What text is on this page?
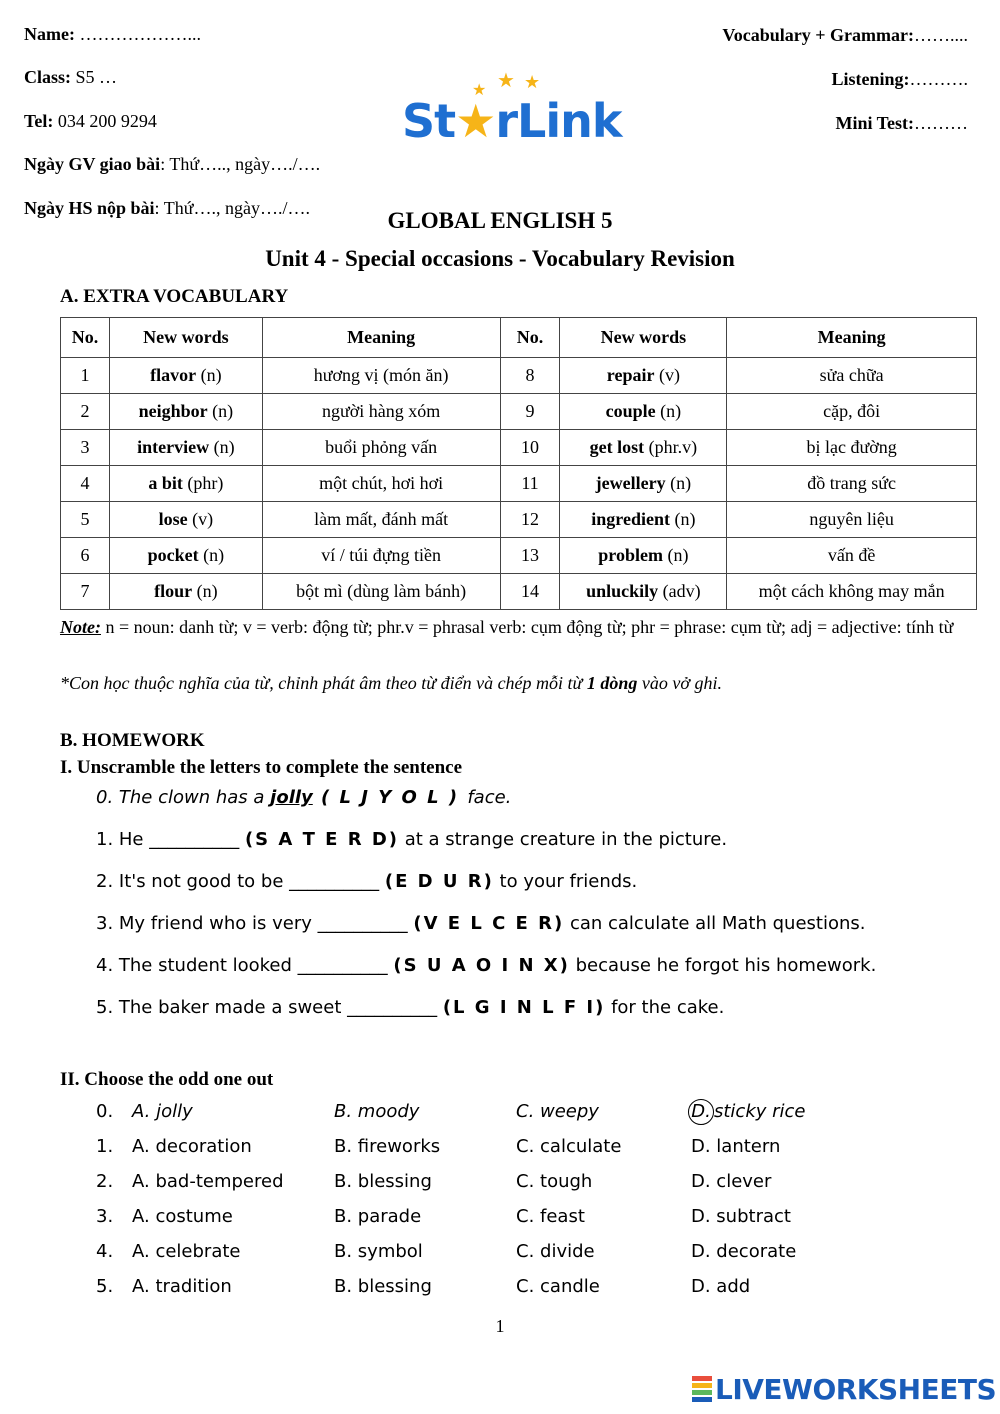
Name: ………………...
Class: S5 …
Tel: 034 200 9294
Ngày GV giao bài: Thứ….., ngày…./….
Ngày HS nộp bài: Thứ…., ngày…./….
Vocabulary + Grammar:……....
Listening:……….
Mini Test:………
★ ★ ★
St★rLink
GLOBAL ENGLISH 5
Unit 4 - Special occasions - Vocabulary Revision
A. EXTRA VOCABULARY
No.	New words	Meaning	No.	New words	Meaning
1	flavor (n)	hương vị (món ăn)	8	repair (v)	sửa chữa
2	neighbor (n)	người hàng xóm	9	couple (n)	cặp, đôi
3	interview (n)	buổi phỏng vấn	10	get lost (phr.v)	bị lạc đường
4	a bit (phr)	một chút, hơi hơi	11	jewellery (n)	đồ trang sức
5	lose (v)	làm mất, đánh mất	12	ingredient (n)	nguyên liệu
6	pocket (n)	ví / túi đựng tiền	13	problem (n)	vấn đề
7	flour (n)	bột mì (dùng làm bánh)	14	unluckily (adv)	một cách không may mắn
Note: n = noun: danh từ; v = verb: động từ; phr.v = phrasal verb: cụm động từ; phr = phrase: cụm từ; adj = adjective: tính từ
*Con học thuộc nghĩa của từ, chỉnh phát âm theo từ điển và chép mỗi từ 1 dòng vào vở ghi.
B. HOMEWORK
I. Unscramble the letters to complete the sentence
0. The clown has a jolly ( L J Y O L ) face.
1. He __________ (S A T E R D) at a strange creature in the picture.
2. It's not good to be __________ (E D U R) to your friends.
3. My friend who is very __________ (V E L C E R) can calculate all Math questions.
4. The student looked __________ (S U A O I N X) because he forgot his homework.
5. The baker made a sweet __________ (L G I N L F I) for the cake.
II. Choose the odd one out
0. A. jolly	B. moody	C. weepy	D. sticky rice
1. A. decoration	B. fireworks	C. calculate	D. lantern
2. A. bad-tempered	B. blessing	C. tough	D. clever
3. A. costume	B. parade	C. feast	D. subtract
4. A. celebrate	B. symbol	C. divide	D. decorate
5. A. tradition	B. blessing	C. candle	D. add
1
LIVEWORKSHEETS
